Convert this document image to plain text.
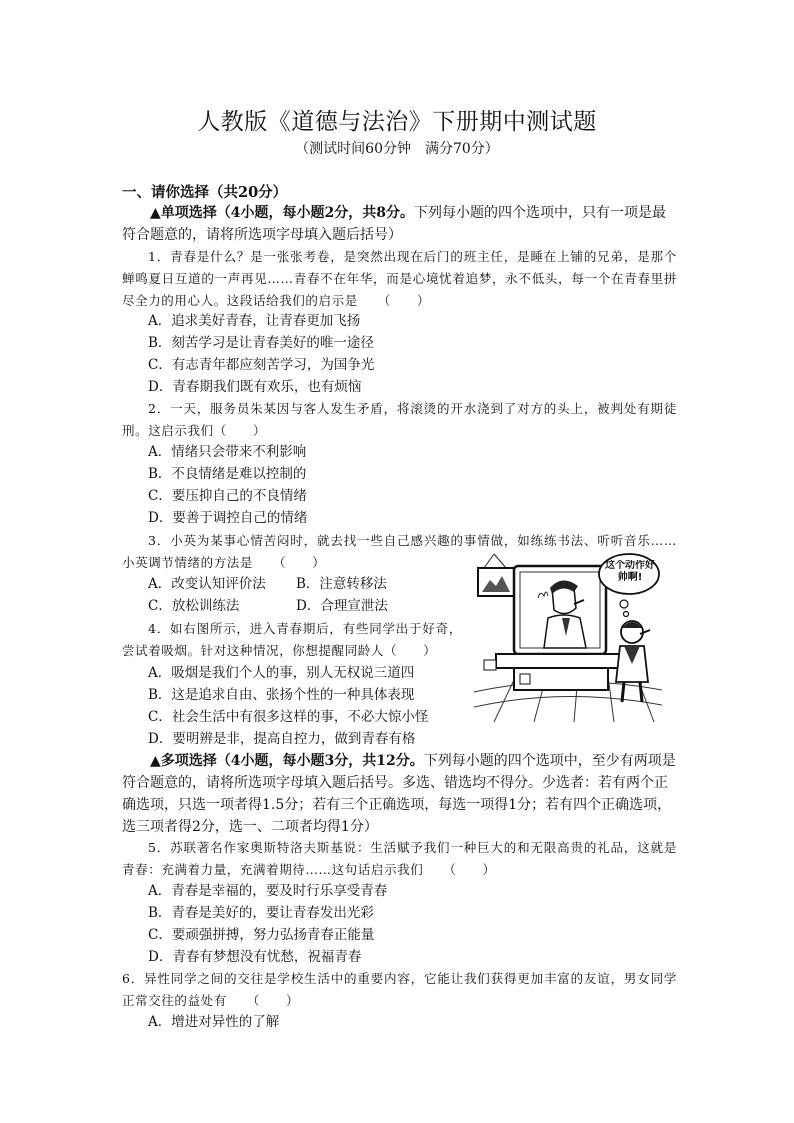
人教版《道德与法治》下册期中测试题
（测试时间60分钟　满分70分）
一、请你选择（共20分）
▲单项选择（4小题，每小题2分，共8分。下列每小题的四个选项中，只有一项是最符合题意的，请将所选项字母填入题后括号）
1．青春是什么？是一张张考卷，是突然出现在后门的班主任，是睡在上铺的兄弟，是那个蝉鸣夏日互道的一声再见……青春不在年华，而是心境忧着追梦，永不低头，每一个在青春里拼尽全力的用心人。这段话给我们的启示是　　（　　）
A．追求美好青春，让青春更加飞扬
B．刻苦学习是让青春美好的唯一途径
C．有志青年都应刻苦学习，为国争光
D．青春期我们既有欢乐，也有烦恼
2．一天，服务员朱某因与客人发生矛盾，将滚烫的开水浇到了对方的头上，被判处有期徒刑。这启示我们（　　）
A．情绪只会带来不利影响
B．不良情绪是难以控制的
C．要压抑自己的不良情绪
D．要善于调控自己的情绪
3．小英为某事心情苦闷时，就去找一些自己感兴趣的事情做，如练练书法、听听音乐……小英调节情绪的方法是　　（　　）
A．改变认知评价法 B．注意转移法
C．放松训练法	D．合理宣泄法
4．如右图所示，进入青春期后，有些同学出于好奇，尝试着吸烟。针对这种情况，你想提醒同龄人（　　）
A．吸烟是我们个人的事，别人无权说三道四
B．这是追求自由、张扬个性的一种具体表现
C．社会生活中有很多这样的事，不必大惊小怪
D．要明辨是非，提高自控力，做到青春有格
这个动作好帅啊!
▲多项选择（4小题，每小题3分，共12分。下列每小题的四个选项中，至少有两项是符合题意的，请将所选项字母填入题后括号。多选、错选均不得分。少选者：若有两个正确选项，只选一项者得1.5分；若有三个正确选项，每选一项得1分；若有四个正确选项，选三项者得2分，选一、二项者均得1分）
5．苏联著名作家奥斯特洛夫斯基说：生活赋予我们一种巨大的和无限高贵的礼品，这就是青春：充满着力量，充满着期待……这句话启示我们　　（　　）
A．青春是幸福的，要及时行乐享受青春
B．青春是美好的，要让青春发出光彩
C．要顽强拼搏，努力弘扬青春正能量
D．青春有梦想没有忧愁，祝福青春
6．异性同学之间的交往是学校生活中的重要内容，它能让我们获得更加丰富的友谊，男女同学正常交往的益处有　　（　　）
A．增进对异性的了解
